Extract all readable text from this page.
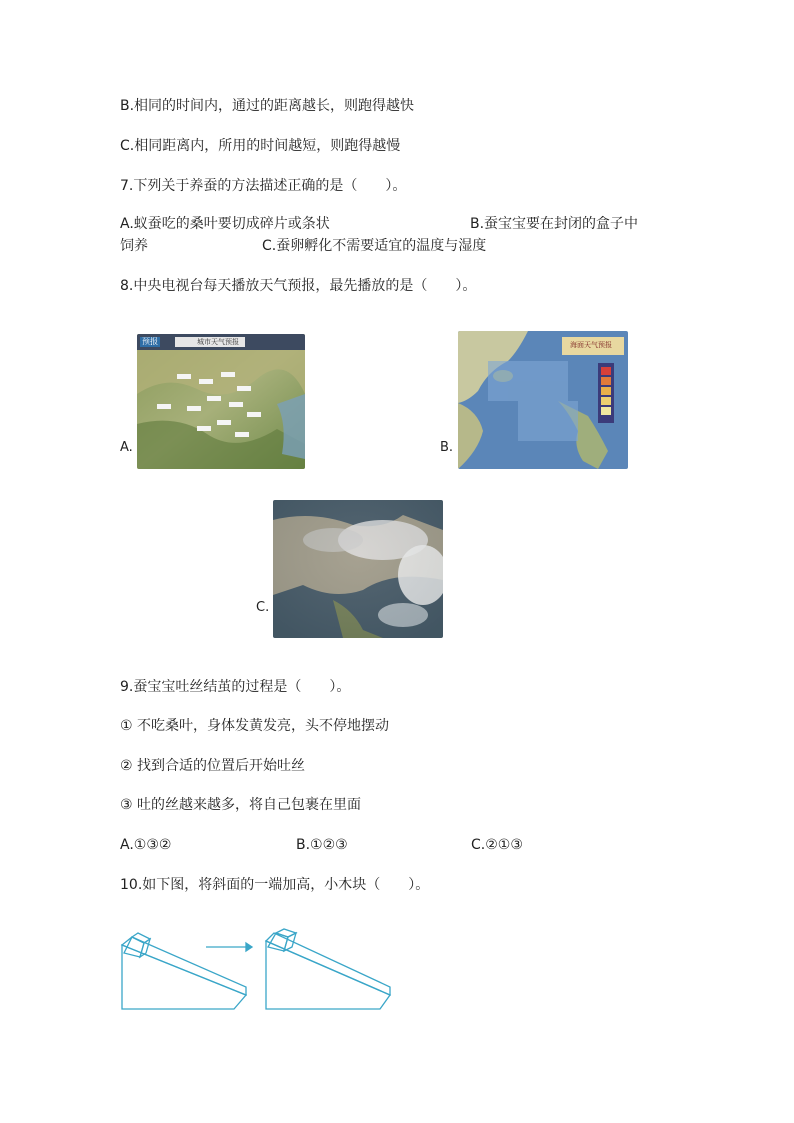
B.相同的时间内，通过的距离越长，则跑得越快
C.相同距离内，所用的时间越短，则跑得越慢
7.下列关于养蚕的方法描述正确的是（　　）。
A.蚁蚕吃的桑叶要切成碎片或条状	B.蚕宝宝要在封闭的盒子中
饲养	C.蚕卵孵化不需要适宜的温度与湿度
8.中央电视台每天播放天气预报，最先播放的是（　　）。
A.
预报	城市天气预报
B.
海面天气预报
C.
9.蚕宝宝吐丝结茧的过程是（　　）。
① 不吃桑叶，身体发黄发亮，头不停地摆动
② 找到合适的位置后开始吐丝
③ 吐的丝越来越多，将自己包裹在里面
A.①③②	B.①②③	C.②①③
10.如下图，将斜面的一端加高，小木块（　　）。
